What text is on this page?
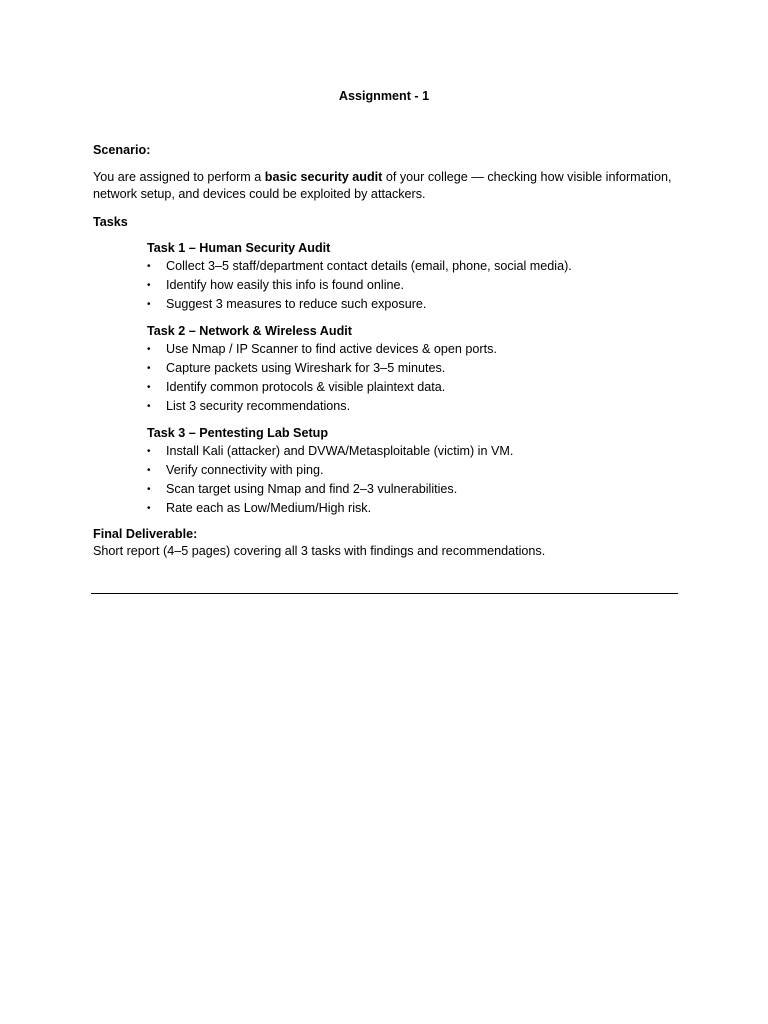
Assignment - 1

Scenario:

You are assigned to perform a basic security audit of your college — checking how visible information, network setup, and devices could be exploited by attackers.

Tasks

Task 1 – Human Security Audit

•	Collect 3–5 staff/department contact details (email, phone, social media).
•	Identify how easily this info is found online.
•	Suggest 3 measures to reduce such exposure.

Task 2 – Network & Wireless Audit

•	Use Nmap / IP Scanner to find active devices & open ports.
•	Capture packets using Wireshark for 3–5 minutes.
•	Identify common protocols & visible plaintext data.
•	List 3 security recommendations.

Task 3 – Pentesting Lab Setup

•	Install Kali (attacker) and DVWA/Metasploitable (victim) in VM.
•	Verify connectivity with ping.
•	Scan target using Nmap and find 2–3 vulnerabilities.
•	Rate each as Low/Medium/High risk.

Final Deliverable:

Short report (4–5 pages) covering all 3 tasks with findings and recommendations.
